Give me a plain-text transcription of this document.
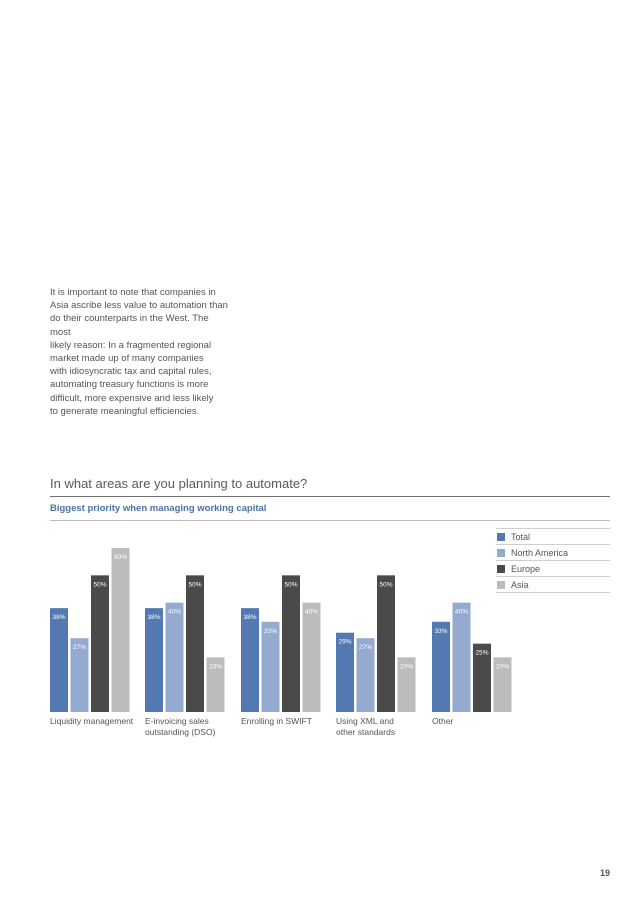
It is important to note that companies in

Asia ascribe less value to automation than

do their counterparts in the West. The most

likely reason: In a fragmented regional

market made up of many companies

with idiosyncratic tax and capital rules,

automating treasury functions is more

difficult, more expensive and less likely

to generate meaningful efficiencies.

In what areas are you planning to automate?
Biggest priority when managing working capital
38%
27%
50%
60%
38%
40%
50%
20%
38%
33%
50%
40%
29%
27%
50%
20%
33%
40%
25%
20%
Total
North America
Europe
Asia
Liquidity management	E-invoicing sales
outstanding (DSO)
Enrolling in SWIFT	Using XML and
other standards
Other
19
